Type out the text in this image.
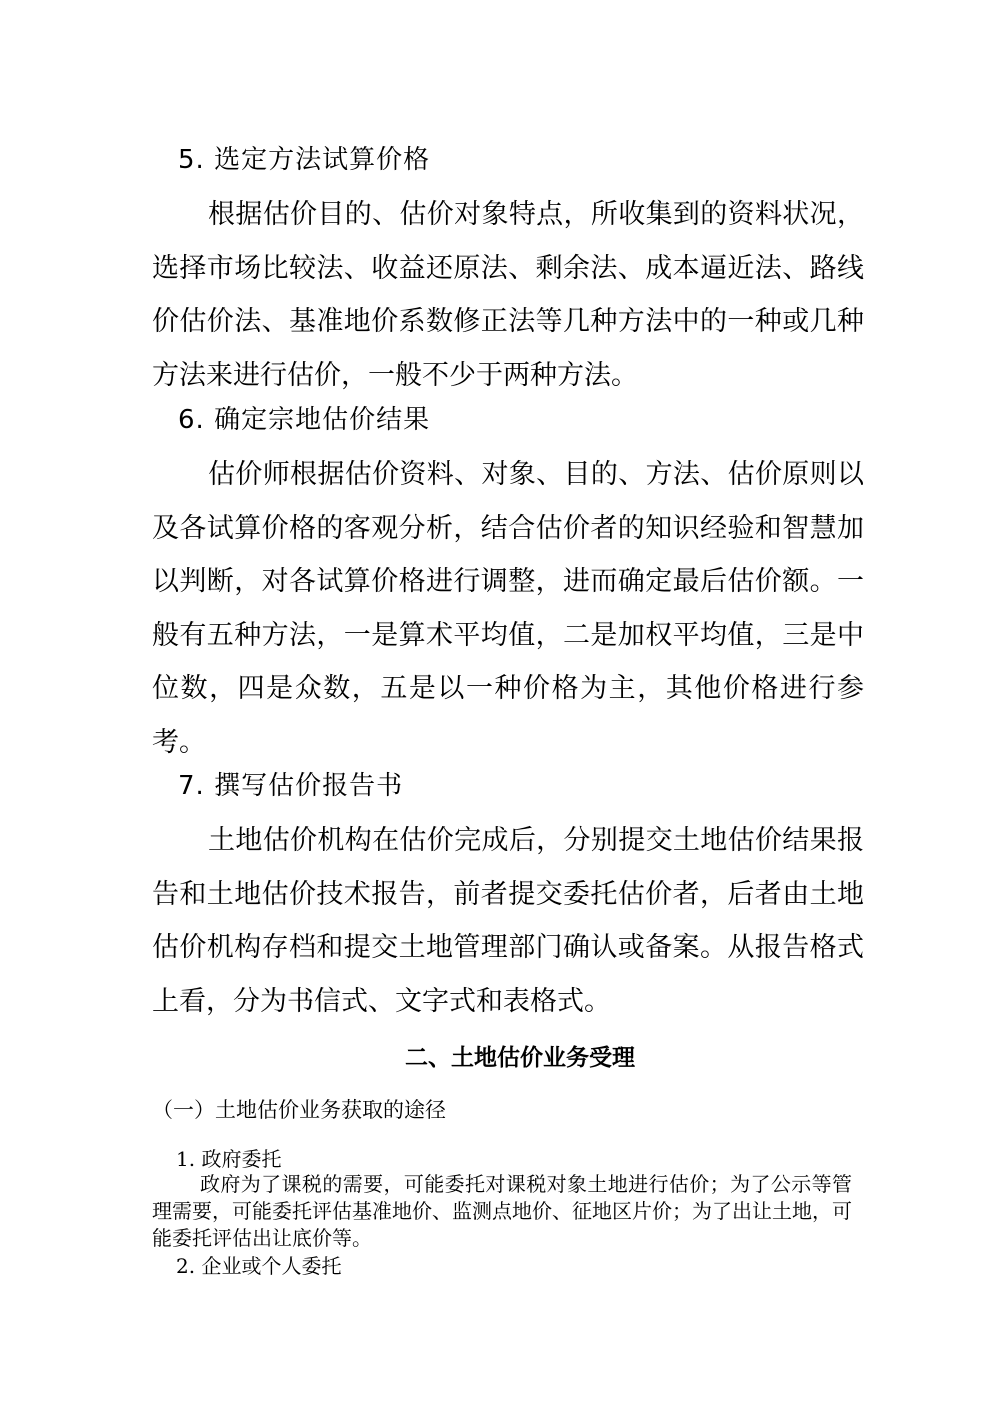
5. 选定方法试算价格

根据估价目的、估价对象特点，所收集到的资料状况，选择市场比较法、收益还原法、剩余法、成本逼近法、路线价估价法、基准地价系数修正法等几种方法中的一种或几种方法来进行估价，一般不少于两种方法。

6. 确定宗地估价结果

估价师根据估价资料、对象、目的、方法、估价原则以及各试算价格的客观分析，结合估价者的知识经验和智慧加以判断，对各试算价格进行调整，进而确定最后估价额。一般有五种方法，一是算术平均值，二是加权平均值，三是中位数，四是众数，五是以一种价格为主，其他价格进行参考。

7. 撰写估价报告书

土地估价机构在估价完成后，分别提交土地估价结果报告和土地估价技术报告，前者提交委托估价者，后者由土地估价机构存档和提交土地管理部门确认或备案。从报告格式上看，分为书信式、文字式和表格式。

二、土地估价业务受理
（一）土地估价业务获取的途径
1. 政府委托

政府为了课税的需要，可能委托对课税对象土地进行估价；为了公示等管理需要，可能委托评估基准地价、监测点地价、征地区片价；为了出让土地，可能委托评估出让底价等。

2. 企业或个人委托
